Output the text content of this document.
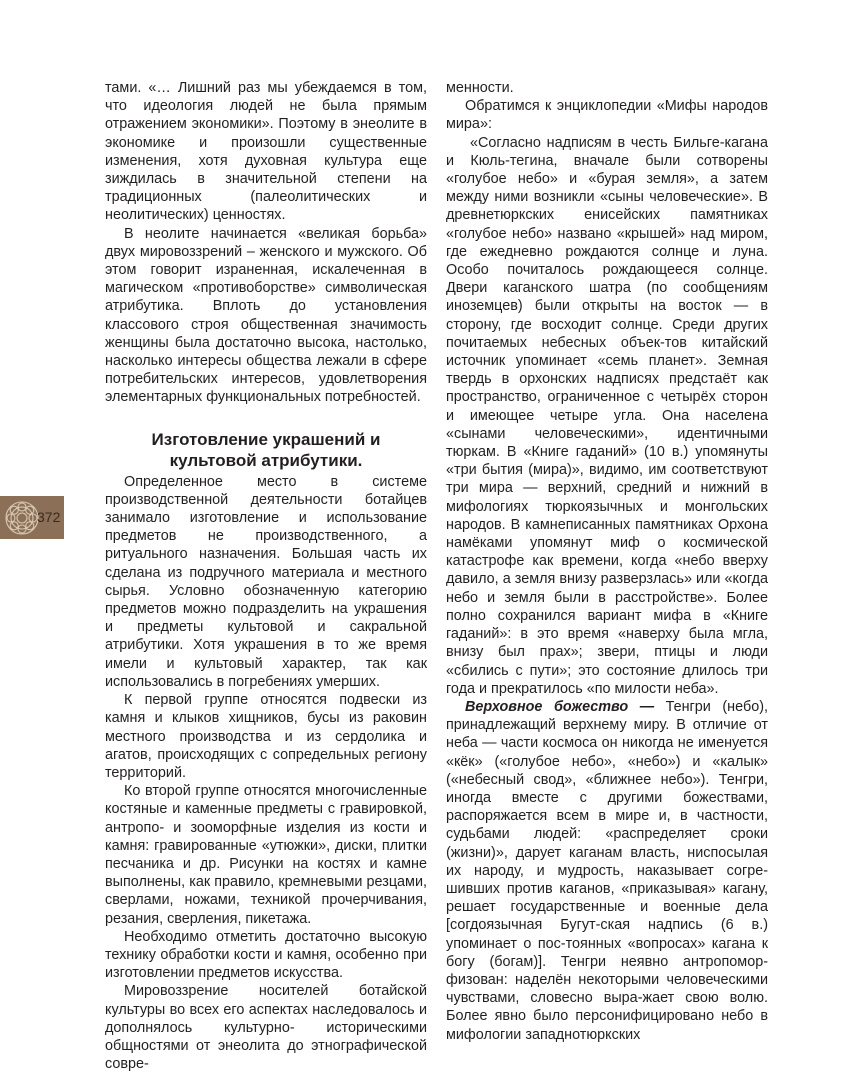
тами. «… Лишний раз мы убеждаемся в том, что идеология людей не была прямым отражением экономики». Поэтому в энеолите в экономике и произошли существенные изменения, хотя духовная культура еще зиждилась в значительной степени на традиционных (палеолитических и неолитических) ценностях.

В неолите начинается «великая борьба» двух мировоззрений – женского и мужского. Об этом говорит израненная, искалеченная в магическом «противоборстве» символическая атрибутика. Вплоть до установления классового строя общественная значимость женщины была достаточно высока, настолько, насколько интересы общества лежали в сфере потребительских интересов, удовлетворения элементарных функциональных потребностей.

Изготовление украшений и
культовой атрибутики.

Определенное место в системе производственной деятельности ботайцев занимало изготовление и использование предметов не производственного, а ритуального назначения. Большая часть их сделана из подручного материала и местного сырья. Условно обозначенную категорию предметов можно подразделить на украшения и предметы культовой и сакральной атрибутики. Хотя украшения в то же время имели и культовый характер, так как использовались в погребениях умерших.

К первой группе относятся подвески из камня и клыков хищников, бусы из раковин местного производства и из сердолика и агатов, происходящих с сопредельных региону территорий.

Ко второй группе относятся многочисленные костяные и каменные предметы с гравировкой, антропо- и зооморфные изделия из кости и камня: гравированные «утюжки», диски, плитки песчаника и др. Рисунки на костях и камне выполнены, как правило, кремневыми резцами, сверлами, ножами, техникой прочерчивания, резания, сверления, пикетажа.

Необходимо отметить достаточно высокую технику обработки кости и камня, особенно при изготовлении предметов искусства.

Мировоззрение носителей ботайской культуры во всех его аспектах наследовалось и дополнялось культурно- историческими общностями от энеолита до этнографической совре-

менности.

Обратимся к энциклопедии «Мифы народов мира»:

«Согласно надписям в честь Бильге-кагана и Кюль-тегина, вначале были сотворены «голубое небо» и «бурая земля», а затем между ними возникли «сыны человеческие». В древнетюркских енисейских памятниках «голубое небо» названо «крышей» над миром, где ежедневно рождаются солнце и луна. Особо почиталось рождающееся солнце. Двери каганского шатра (по сообщениям иноземцев) были открыты на восток — в сторону, где восходит солнце. Среди других почитаемых небесных объек-тов китайский источник упоминает «семь планет». Земная твердь в орхонских надписях предстаёт как пространство, ограниченное с четырёх сторон и имеющее четыре угла. Она населена «сынами человеческими», идентичными тюркам. В «Книге гаданий» (10 в.) упомянуты «три бытия (мира)», видимо, им соответствуют три мира — верхний, средний и нижний в мифологиях тюркоязычных и монгольских народов. В камнеписанных памятниках Орхона намёками упомянут миф о космической катастрофе как времени, когда «небо вверху давило, а земля внизу разверзлась» или «когда небо и земля были в расстройстве». Более полно сохранился вариант мифа в «Книге гаданий»: в это время «наверху была мгла, внизу был прах»; звери, птицы и люди «сбились с пути»; это состояние длилось три года и прекратилось «по милости неба».

Верховное божество — Тенгри (небо), принадлежащий верхнему миру. В отличие от неба — части космоса он никогда не именуется «кёк» («голубое небо», «небо») и «калык» («небесный свод», «ближнее небо»). Тенгри, иногда вместе с другими божествами, распоряжается всем в мире и, в частности, судьбами людей: «распределяет сроки (жизни)», дарует каганам власть, ниспосылая их народу, и мудрость, наказывает согре-шивших против каганов, «приказывая» кагану, решает государственные и военные дела [согдоязычная Бугут-ская надпись (6 в.) упоминает о пос-тоянных «вопросах» кагана к богу (богам)]. Тенгри неявно антропомор-физован: наделён некоторыми человеческими чувствами, словесно выра-жает свою волю. Более явно было персонифицировано небо в мифологии западнотюркских

372
